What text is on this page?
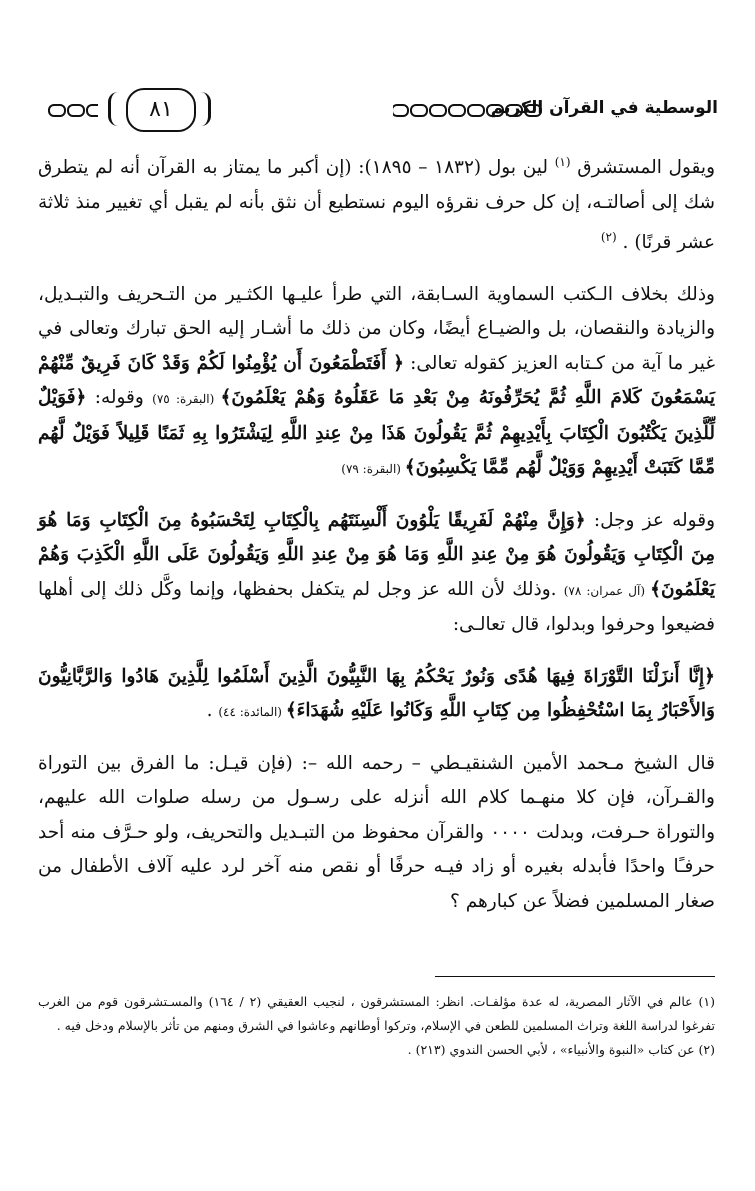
الوسطية في القرآن الكريم
٨١

ويقول المستشرق $^{(١)}$ لين بول (١٨٣٢ – ١٨٩٥): (إن أكبر ما يمتاز به القرآن أنه لم يتطرق شك إلى أصالتـه، إن كل حرف نقرؤه اليوم نستطيع أن نثق بأنه لم يقبل أي تغيير منذ ثلاثة عشر قرنًا) . $^{(٢)}$

وذلك بخلاف الـكتب السماوية السـابقة، التي طرأ عليـها الكثـير من التـحريف والتبـديل، والزيادة والنقصان، بل والضيـاع أيضًا، وكان من ذلك ما أشـار إليه الحق تبارك وتعالى في غير ما آية من كـتابه العزيز كقوله تعالى: ﴿ أَفَتَطْمَعُونَ أَن يُؤْمِنُوا لَكُمْ وَقَدْ كَانَ فَرِيقٌ مِّنْهُمْ يَسْمَعُونَ كَلامَ اللَّهِ ثُمَّ يُحَرِّفُونَهُ مِنْ بَعْدِ مَا عَقَلُوهُ وَهُمْ يَعْلَمُونَ﴾ (البقرة: ٧٥) وقوله: ﴿فَوَيْلٌ لِّلَّذِينَ يَكْتُبُونَ الْكِتَابَ بِأَيْدِيهِمْ ثُمَّ يَقُولُونَ هَذَا مِنْ عِندِ اللَّهِ لِيَشْتَرُوا بِهِ ثَمَنًا قَلِيلاً فَوَيْلٌ لَّهُم مِّمَّا كَتَبَتْ أَيْدِيهِمْ وَوَيْلٌ لَّهُم مِّمَّا يَكْسِبُونَ﴾ (البقرة: ٧٩)

وقوله عز وجل: ﴿وَإِنَّ مِنْهُمْ لَفَرِيقًا يَلْوُونَ أَلْسِنَتَهُم بِالْكِتَابِ لِتَحْسَبُوهُ مِنَ الْكِتَابِ وَمَا هُوَ مِنَ الْكِتَابِ وَيَقُولُونَ هُوَ مِنْ عِندِ اللَّهِ وَمَا هُوَ مِنْ عِندِ اللَّهِ وَيَقُولُونَ عَلَى اللَّهِ الْكَذِبَ وَهُمْ يَعْلَمُونَ﴾ (آل عمران: ٧٨) .وذلك لأن الله عز وجل لم يتكفل بحفظها، وإنما وكَّل ذلك إلى أهلها فضيعوا وحرفوا وبدلوا، قال تعالـى:

﴿إِنَّا أَنزَلْنَا التَّوْرَاةَ فِيهَا هُدًى وَنُورٌ يَحْكُمُ بِهَا النَّبِيُّونَ الَّذِينَ أَسْلَمُوا لِلَّذِينَ هَادُوا وَالرَّبَّانِيُّونَ وَالأَحْبَارُ بِمَا اسْتُحْفِظُوا مِن كِتَابِ اللَّهِ وَكَانُوا عَلَيْهِ شُهَدَاءَ﴾ (المائدة: ٤٤) .

قال الشيخ مـحمد الأمين الشنقيـطي – رحمه الله –: (فإن قيـل: ما الفرق بين التوراة والقـرآن، فإن كلا منهـما كلام الله أنزله على رسـول من رسله صلوات الله عليهم، والتوراة حـرفت، وبدلت ٠٠٠٠ والقرآن محفوظ من التبـديل والتحريف، ولو حـرَّف منه أحد حرفـًا واحدًا فأبدله بغيره أو زاد فيـه حرفًا أو نقص منه آخر لرد عليه آلاف الأطفال من صغار المسلمين فضلاً عن كبارهم ؟

(١) عالم في الآثار المصرية، له عدة مؤلفـات. انظر: المستشرقون ، لنجيب العقيقي (٢ / ١٦٤) والمسـتشرقون قوم من الغرب تفرغوا لدراسة اللغة وتراث المسلمين للطعن في الإسلام، وتركوا أوطانهم وعاشوا في الشرق ومنهم من تأثر بالإسلام ودخل فيه .

(٢) عن كتاب «النبوة والأنبياء» ، لأبي الحسن الندوي (٢١٣) .
